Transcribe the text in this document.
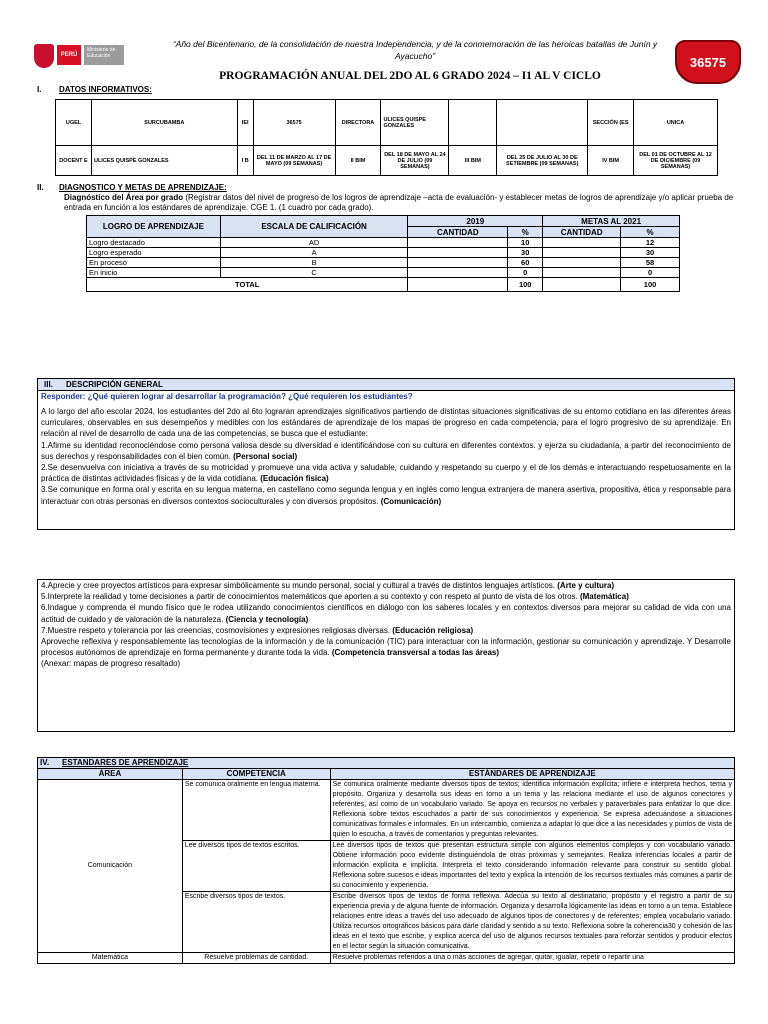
PERÚ
Ministerio de Educación
“Año del Bicentenario, de la consolidación de nuestra Independencia, y de la conmemoración de las heroicas batallas de Junín y Ayacucho”
PROGRAMACIÓN ANUAL DEL 2DO AL 6 GRADO 2024 – I1 AL V CICLO
36575
I. DATOS INFORMATIVOS:
UGEL	SURCUBAMBA	IEI	36575	DIRECTORA	ULICES QUISPE GONZALES			SECCIÓN (ES	UNICA
DOCENT E	ULICES QUISPE GONZALES	I B	DEL 11 DE MARZO AL 17 DE MAYO (09 SEMANAS)	II BIM	DEL 18 DE MAYO AL 24 DE JULIO (09 SEMANAS)	III BIM	DEL 25 DE JULIO AL 30 DE SETIEMBRE (09 SEMANAS)	IV BIM	DEL 01 DE OCTUBRE AL 12 DE DICIEMBRE (09 SEMANAS)
II. DIAGNOSTICO Y METAS DE APRENDIZAJE:
Diagnóstico del Área por grado (Registrar datos del nivel de progreso de los logros de aprendizaje –acta de evaluación- y establecer metas de logros de aprendizaje y/o aplicar prueba de entrada en función a los estándares de aprendizaje. CGE 1. (1 cuadro por cada grado).
LOGRO DE APRENDIZAJE	ESCALA DE CALIFICACIÓN	2019		METAS AL 2021	
		CANTIDAD	%	CANTIDAD	%
Logro destacado	AD		10		12
Logro esperado	A		30		30
En proceso	B		60		58
En inicio	C		0		0
TOTAL			100		100
III. DESCRIPCIÓN GENERAL
Responder: ¿Qué quieren lograr al desarrollar la programación? ¿Qué requieren los estudiantes?
A lo largo del año escolar 2024, los estudiantes del 2do al 6to lograran aprendizajes significativos partiendo de distintas situaciones significativas de su entorno cotidiano en las diferentes áreas curriculares, observables en sus desempeños y medibles con los estándares de aprendizaje de los mapas de progreso en cada competencia, para el logro progresivo de su aprendizaje. En relación al nivel de desarrollo de cada una de las competencias, se busca que el estudiante:
1.Afirme su identidad reconociéndose como persona valiosa desde su diversidad e identificándose con su cultura en diferentes contextos. y ejerza su ciudadanía, a partir del reconocimiento de sus derechos y responsabilidades con el bien común. (Personal social)
2.Se desenvuelva con iniciativa a través de su motricidad y promueve una vida activa y saludable, cuidando y respetando su cuerpo y el de los demás e interactuando respetuosamente en la práctica de distintas actividades físicas y de la vida cotidiana. (Educación física)
3.Se comunique en forma oral y escrita en su lengua materna, en castellano como segunda lengua y en inglés como lengua extranjera de manera asertiva, propositiva, ética y responsable para interactuar con otras personas en diversos contextos socioculturales y con diversos propósitos. (Comunicación)
4.Aprecie y cree proyectos artísticos para expresar simbólicamente su mundo personal, social y cultural a través de distintos lenguajes artísticos. (Arte y cultura)
5.Interprete la realidad y tome decisiones a partir de conocimientos matemáticos que aporten a su contexto y con respeto al punto de vista de los otros. (Matemática)
6.Indague y comprenda el mundo físico que le rodea utilizando conocimientos científicos en diálogo con los saberes locales y en contextos diversos para mejorar su calidad de vida con una actitud de cuidado y de valoración de la naturaleza. (Ciencia y tecnología)
7.Muestre respeto y tolerancia por las creencias, cosmovisiones y expresiones religiosas diversas. (Educación religiosa)
Aproveche reflexiva y responsablemente las tecnologías de la información y de la comunicación (TIC) para interactuar con la información, gestionar su comunicación y aprendizaje. Y Desarrolle procesos autónomos de aprendizaje en forma permanente y durante toda la vida. (Competencia transversal a todas las áreas)
(Anexar: mapas de progreso resaltado)
IV. ESTANDARES DE APRENDIZAJE		
ÁREA	COMPETENCIA	ESTÁNDARES DE APRENDIZAJE
Comunicación	Se comunica oralmente en lengua materna.	Se comunica oralmente mediante diversos tipos de textos; identifica información explícita; infiere e interpreta hechos, tema y propósito. Organiza y desarrolla sus ideas en torno a un tema y las relaciona mediante el uso de algunos conectores y referentes, así como de un vocabulario variado. Se apoya en recursos no verbales y paraverbales para enfatizar lo que dice. Reflexiona sobre textos escuchados a partir de sus conocimientos y experiencia. Se expresa adecuándose a situaciones comunicativas formales e informales. En un intercambio, comienza a adaptar lo que dice a las necesidades y puntos de vista de quien lo escucha, a través de comentarios y preguntas relevantes.
	Lee diversos tipos de textos escritos.	Lee diversos tipos de textos que presentan estructura simple con algunos elementos complejos y con vocabulario variado. Obtiene información poco evidente distinguiéndola de otras próximas y semejantes. Realiza inferencias locales a partir de información explícita e implícita. Interpreta el texto considerando información relevante para construir su sentido global. Reflexiona sobre sucesos e ideas importantes del texto y explica la intención de los recursos textuales más comunes a partir de su conocimiento y experiencia.
	Escribe diversos tipos de textos.	Escribe diversos tipos de textos de forma reflexiva. Adecúa su texto al destinatario, propósito y el registro a partir de su experiencia previa y de alguna fuente de información. Organiza y desarrolla lógicamente las ideas en torno a un tema. Establece relaciones entre ideas a través del uso adecuado de algunos tipos de conectores y de referentes; emplea vocabulario variado. Utiliza recursos ortográficos básicos para darle claridad y sentido a su texto. Reflexiona sobre la coherencia30 y cohesión de las ideas en el texto que escribe, y explica acerca del uso de algunos recursos textuales para reforzar sentidos y producir efectos en el lector según la situación comunicativa.
Matemática	Resuelve problemas de cantidad.	Resuelve problemas referidos a una o más acciones de agregar, quitar, igualar, repetir o repartir una
